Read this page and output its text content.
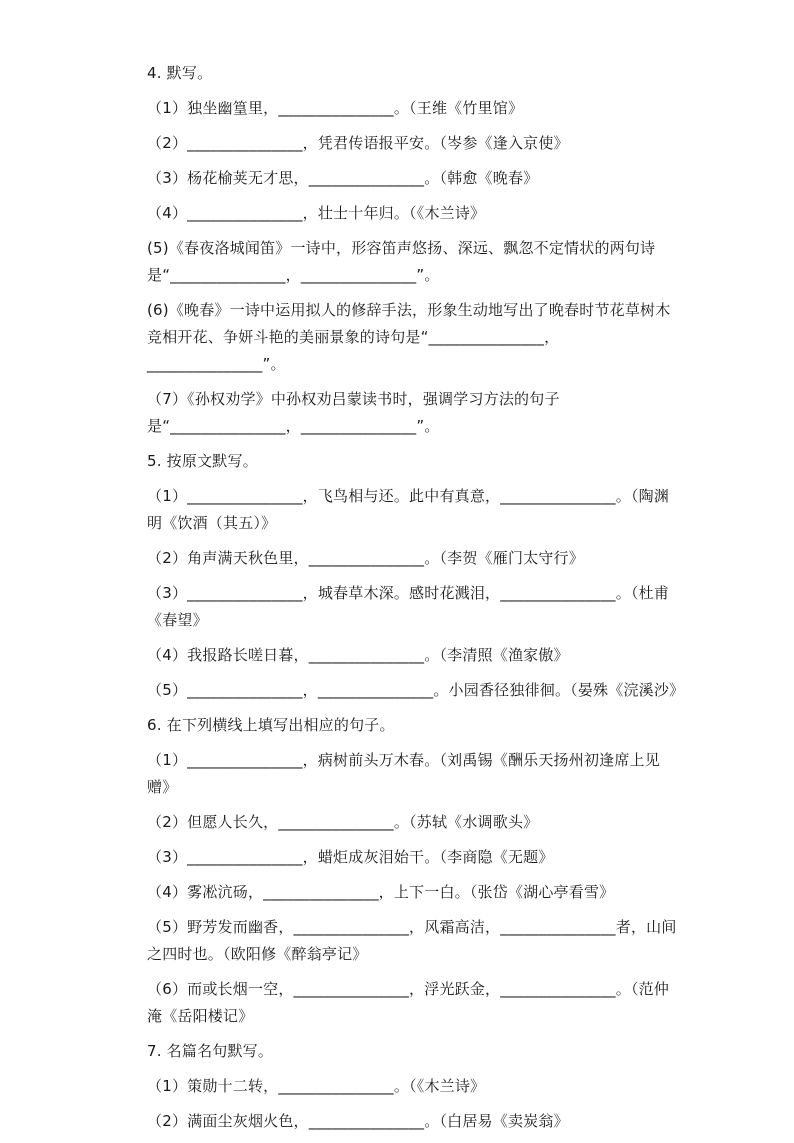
4. 默写。
（1）独坐幽篁里，_______________。（王维《竹里馆》
（2）_______________，凭君传语报平安。（岑参《逢入京使》
（3）杨花榆荚无才思，_______________。（韩愈《晚春》
（4）_______________，壮士十年归。（《木兰诗》
(5)《春夜洛城闻笛》一诗中，形容笛声悠扬、深远、飘忽不定情状的两句诗是“_______________，_______________”。
(6)《晚春》一诗中运用拟人的修辞手法，形象生动地写出了晚春时节花草树木竞相开花、争妍斗艳的美丽景象的诗句是“_______________，_______________”。
（7）《孙权劝学》中孙权劝吕蒙读书时，强调学习方法的句子是“_______________，_______________”。
5. 按原文默写。
（1）_______________，飞鸟相与还。此中有真意，_______________。（陶渊明《饮酒（其五）》
（2）角声满天秋色里，_______________。（李贺《雁门太守行》
（3）_______________，城春草木深。感时花溅泪，_______________。（杜甫《春望》
（4）我报路长嗟日暮，_______________。（李清照《渔家傲》
（5）_______________，_______________。小园香径独徘徊。（晏殊《浣溪沙》
6. 在下列横线上填写出相应的句子。
（1）_______________，病树前头万木春。（刘禹锡《酬乐天扬州初逢席上见赠》
（2）但愿人长久，_______________。（苏轼《水调歌头》
（3）_______________，蜡炬成灰泪始干。（李商隐《无题》
（4）雾凇沆砀，_______________，上下一白。（张岱《湖心亭看雪》
（5）野芳发而幽香，_______________，风霜高洁，_______________者，山间之四时也。（欧阳修《醉翁亭记》
（6）而或长烟一空，_______________，浮光跃金，_______________。（范仲淹《岳阳楼记》
7. 名篇名句默写。
（1）策勋十二转，_______________。（《木兰诗》
（2）满面尘灰烟火色，_______________。（白居易《卖炭翁》
